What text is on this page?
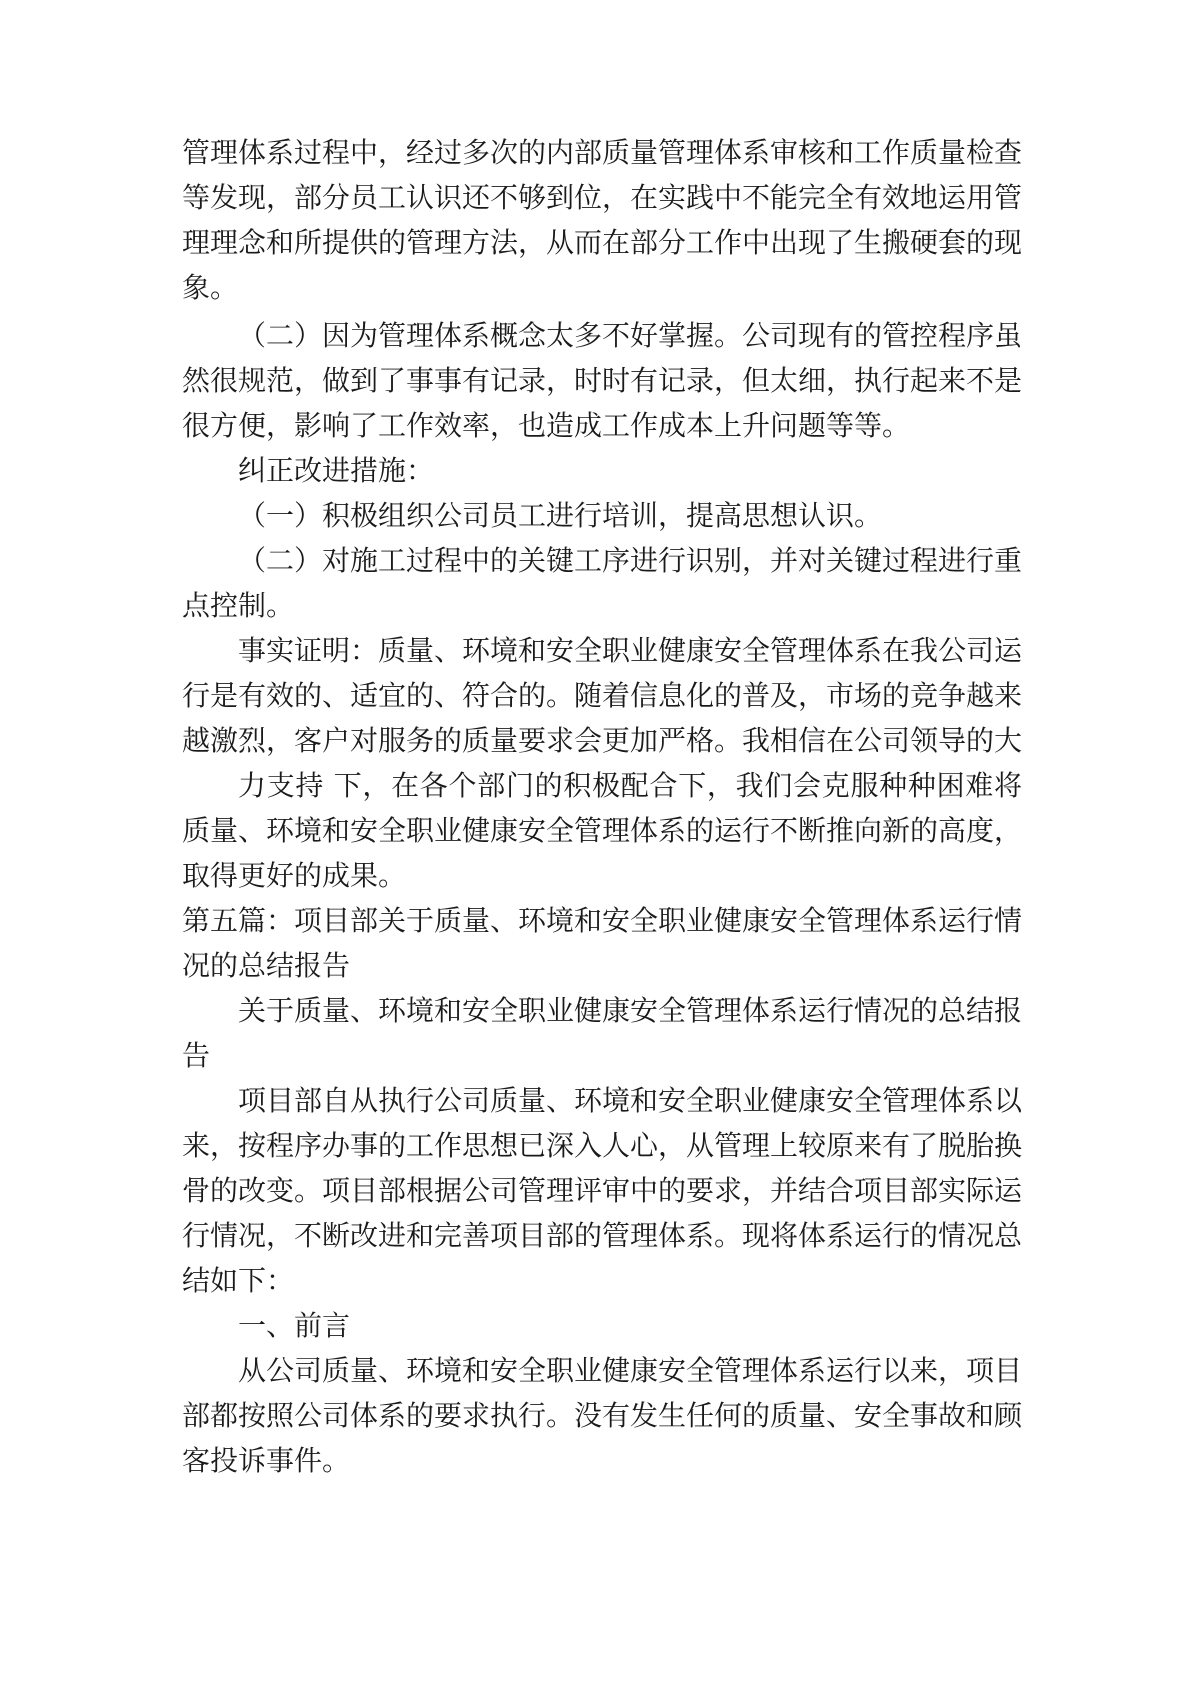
管理体系过程中，经过多次的内部质量管理体系审核和工作质量检查等发现，部分员工认识还不够到位，在实践中不能完全有效地运用管理理念和所提供的管理方法，从而在部分工作中出现了生搬硬套的现象。

（二）因为管理体系概念太多不好掌握。公司现有的管控程序虽然很规范，做到了事事有记录，时时有记录，但太细，执行起来不是很方便，影响了工作效率，也造成工作成本上升问题等等。

纠正改进措施：

（一）积极组织公司员工进行培训，提高思想认识。

（二）对施工过程中的关键工序进行识别，并对关键过程进行重点控制。

事实证明：质量、环境和安全职业健康安全管理体系在我公司运行是有效的、适宜的、符合的。随着信息化的普及，市场的竞争越来越激烈，客户对服务的质量要求会更加严格。我相信在公司领导的大

力支持 下，在各个部门的积极配合下，我们会克服种种困难将 质量、环境和安全职业健康安全管理体系的运行不断推向新的高度，取得更好的成果。

第五篇：项目部关于质量、环境和安全职业健康安全管理体系运行情况的总结报告

关于质量、环境和安全职业健康安全管理体系运行情况的总结报告

项目部自从执行公司质量、环境和安全职业健康安全管理体系以来，按程序办事的工作思想已深入人心，从管理上较原来有了脱胎换骨的改变。项目部根据公司管理评审中的要求，并结合项目部实际运行情况，不断改进和完善项目部的管理体系。现将体系运行的情况总结如下：

一、前言

从公司质量、环境和安全职业健康安全管理体系运行以来，项目部都按照公司体系的要求执行。没有发生任何的质量、安全事故和顾客投诉事件。
